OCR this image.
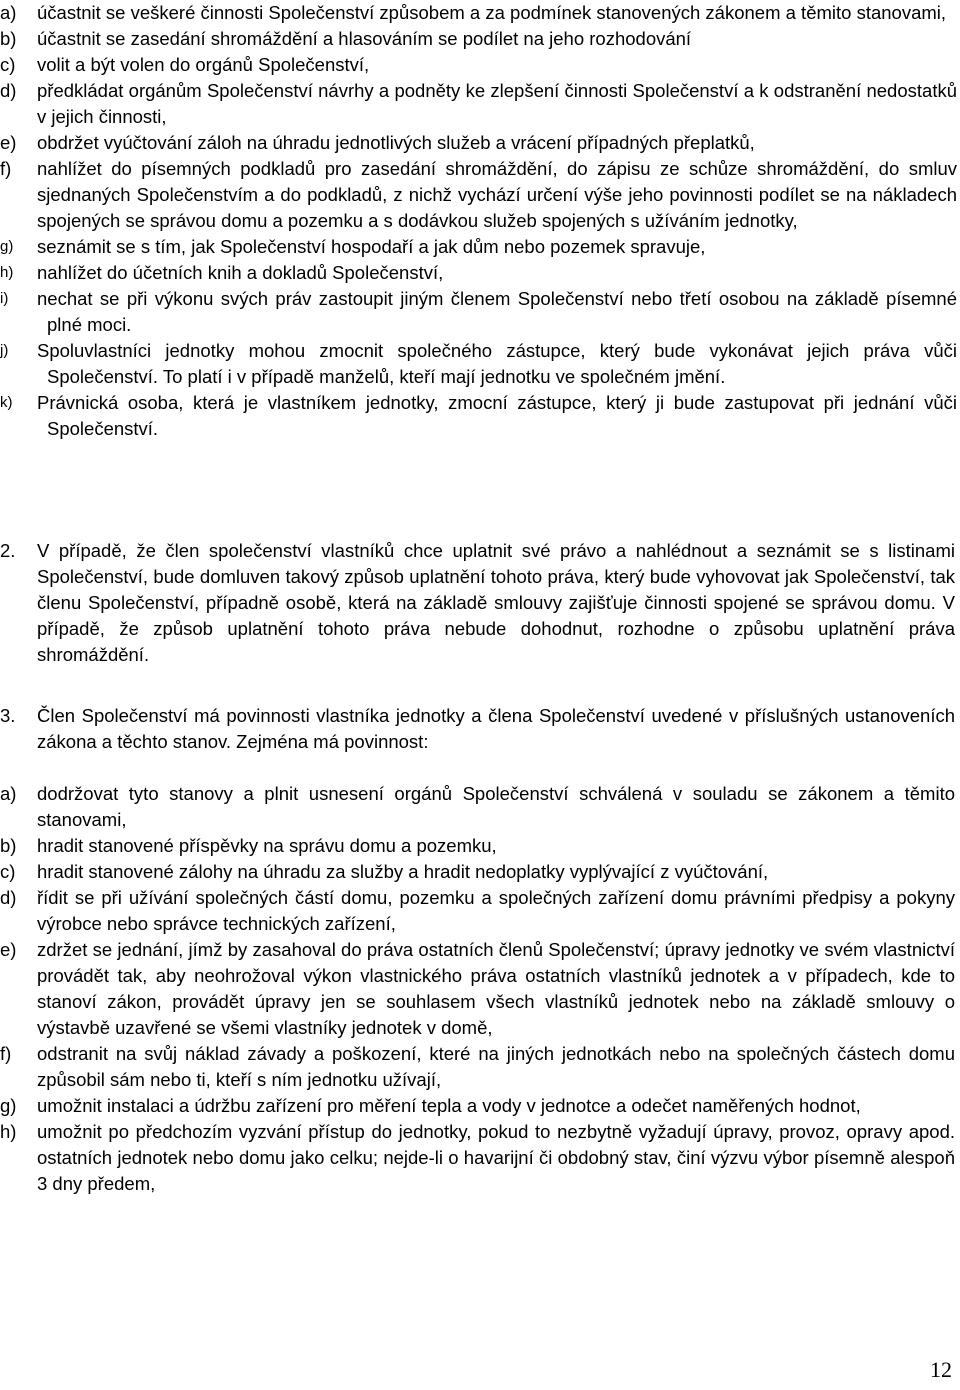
a)	účastnit se veškeré činnosti Společenství způsobem a za podmínek stanovených zákonem a těmito stanovami,
b)	účastnit se zasedání shromáždění a hlasováním se podílet na jeho rozhodování
c)	volit a být volen do orgánů Společenství,
d)	předkládat orgánům Společenství návrhy a podněty ke zlepšení činnosti Společenství a k odstranění nedostatků v jejich činnosti,
e)	obdržet vyúčtování záloh na úhradu jednotlivých služeb a vrácení případných přeplatků,
f)	nahlížet do písemných podkladů pro zasedání shromáždění, do zápisu ze schůze shromáždění, do smluv sjednaných Společenstvím a do podkladů, z nichž vychází určení výše jeho povinnosti podílet se na nákladech spojených se správou domu a pozemku a s dodávkou služeb spojených s užíváním jednotky,
g)	seznámit se s tím, jak Společenství hospodaří a jak dům nebo pozemek spravuje,
h)	nahlížet do účetních knih a dokladů Společenství,
i)	nechat se při výkonu svých práv zastoupit jiným členem Společenství nebo třetí osobou na základě písemné plné moci.
j)	Spoluvlastníci jednotky mohou zmocnit společného zástupce, který bude vykonávat jejich práva vůči Společenství. To platí i v případě manželů, kteří mají jednotku ve společném jmění.
k)	Právnická osoba, která je vlastníkem jednotky, zmocní zástupce, který ji bude zastupovat při jednání vůči Společenství.
2.	V případě, že člen společenství vlastníků chce uplatnit své právo a nahlédnout a seznámit se s listinami Společenství, bude domluven takový způsob uplatnění tohoto práva, který bude vyhovovat jak Společenství, tak členu Společenství, případně osobě, která na základě smlouvy zajišťuje činnosti spojené se správou domu. V případě, že způsob uplatnění tohoto práva nebude dohodnut, rozhodne o způsobu uplatnění práva shromáždění.
3.	Člen Společenství má povinnosti vlastníka jednotky a člena Společenství uvedené v příslušných ustanoveních zákona a těchto stanov. Zejména má povinnost:
a)	dodržovat tyto stanovy a plnit usnesení orgánů Společenství schválená v souladu se zákonem a těmito stanovami,
b)	hradit stanovené příspěvky na správu domu a pozemku,
c)	hradit stanovené zálohy na úhradu za služby a hradit nedoplatky vyplývající z vyúčtování,
d)	řídit se při užívání společných částí domu, pozemku a společných zařízení domu právními předpisy a pokyny výrobce nebo správce technických zařízení,
e)	zdržet se jednání, jímž by zasahoval do práva ostatních členů Společenství; úpravy jednotky ve svém vlastnictví provádět tak, aby neohrožoval výkon vlastnického práva ostatních vlastníků jednotek a v případech, kde to stanoví zákon, provádět úpravy jen se souhlasem všech vlastníků jednotek nebo na základě smlouvy o výstavbě uzavřené se všemi vlastníky jednotek v domě,
f)	odstranit na svůj náklad závady a poškození, které na jiných jednotkách nebo na společných částech domu způsobil sám nebo ti, kteří s ním jednotku užívají,
g)	umožnit instalaci a údržbu zařízení pro měření tepla a vody v jednotce a odečet naměřených hodnot,
h)	umožnit po předchozím vyzvání přístup do jednotky, pokud to nezbytně vyžadují úpravy, provoz, opravy apod. ostatních jednotek nebo domu jako celku; nejde-li o havarijní či obdobný stav, činí výzvu výbor písemně alespoň 3 dny předem,
12
